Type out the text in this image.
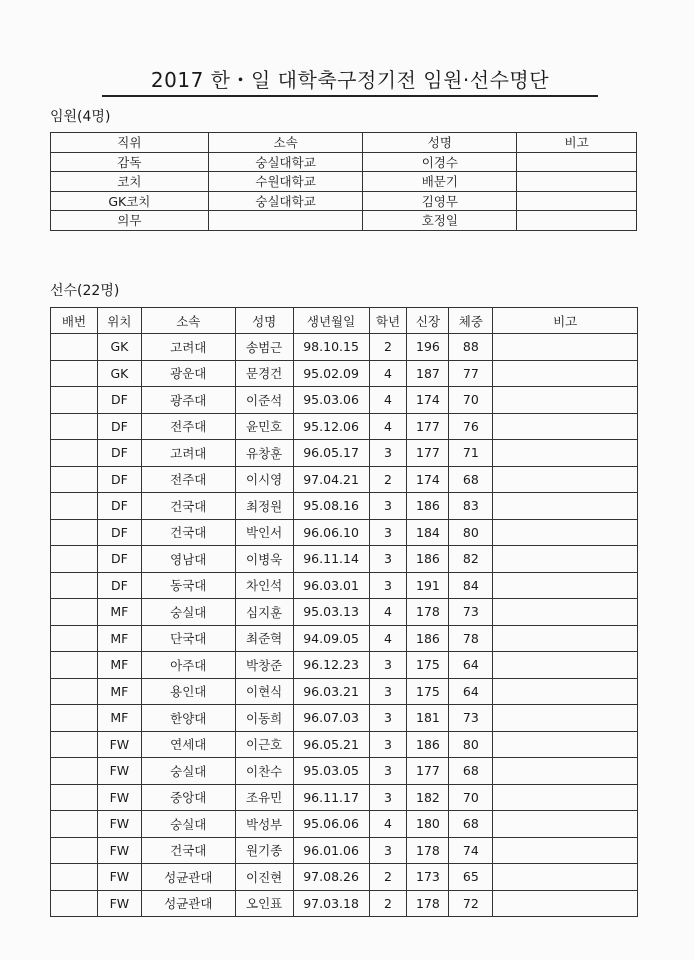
2017 한・일 대학축구정기전 임원·선수명단
임원(4명)
직위	소속	성명	비고
감독	숭실대학교	이경수	
코치	수원대학교	배문기	
GK코치	숭실대학교	김영무	
의무		호정일	
선수(22명)
배번	위치	소속	성명	생년월일	학년	신장	체중	비고
	GK	고려대	송범근	98.10.15	2	196	88	
	GK	광운대	문경건	95.02.09	4	187	77	
	DF	광주대	이준석	95.03.06	4	174	70	
	DF	전주대	윤민호	95.12.06	4	177	76	
	DF	고려대	유창훈	96.05.17	3	177	71	
	DF	전주대	이시영	97.04.21	2	174	68	
	DF	건국대	최정원	95.08.16	3	186	83	
	DF	건국대	박인서	96.06.10	3	184	80	
	DF	영남대	이병욱	96.11.14	3	186	82	
	DF	동국대	차인석	96.03.01	3	191	84	
	MF	숭실대	심지훈	95.03.13	4	178	73	
	MF	단국대	최준혁	94.09.05	4	186	78	
	MF	아주대	박창준	96.12.23	3	175	64	
	MF	용인대	이현식	96.03.21	3	175	64	
	MF	한양대	이동희	96.07.03	3	181	73	
	FW	연세대	이근호	96.05.21	3	186	80	
	FW	숭실대	이찬수	95.03.05	3	177	68	
	FW	중앙대	조유민	96.11.17	3	182	70	
	FW	숭실대	박성부	95.06.06	4	180	68	
	FW	건국대	원기종	96.01.06	3	178	74	
	FW	성균관대	이진현	97.08.26	2	173	65	
	FW	성균관대	오인표	97.03.18	2	178	72	
